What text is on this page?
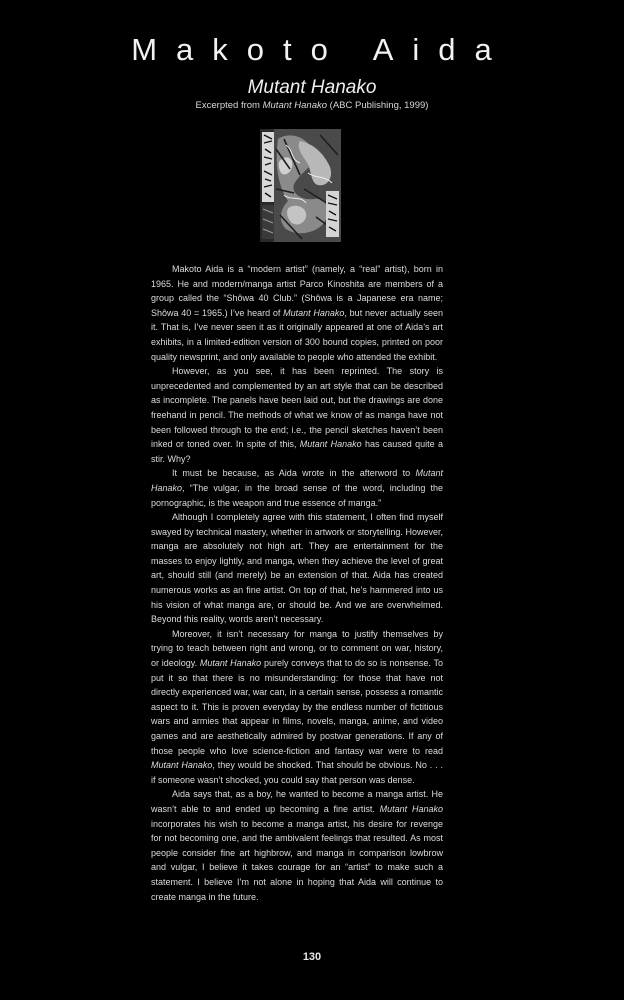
Makoto Aida
Mutant Hanako
Excerpted from Mutant Hanako (ABC Publishing, 1999)

Makoto Aida is a “modern artist” (namely, a “real” artist), born in 1965. He and modern/manga artist Parco Kinoshita are members of a group called the “Shôwa 40 Club.” (Shôwa is a Japanese era name; Shôwa 40 = 1965.) I’ve heard of Mutant Hanako, but never actually seen it. That is, I’ve never seen it as it originally appeared at one of Aida’s art exhibits, in a limited-edition version of 300 bound copies, printed on poor quality newsprint, and only available to people who attended the exhibit.

However, as you see, it has been reprinted. The story is unprecedented and complemented by an art style that can be described as incomplete. The panels have been laid out, but the drawings are done freehand in pencil. The methods of what we know of as manga have not been followed through to the end; i.e., the pencil sketches haven’t been inked or toned over. In spite of this, Mutant Hanako has caused quite a stir. Why?

It must be because, as Aida wrote in the afterword to Mutant Hanako, “The vulgar, in the broad sense of the word, including the pornographic, is the weapon and true essence of manga.”

Although I completely agree with this statement, I often find myself swayed by technical mastery, whether in artwork or storytelling. However, manga are absolutely not high art. They are entertainment for the masses to enjoy lightly, and manga, when they achieve the level of great art, should still (and merely) be an extension of that. Aida has created numerous works as an fine artist. On top of that, he’s hammered into us his vision of what manga are, or should be. And we are overwhelmed. Beyond this reality, words aren’t necessary.

Moreover, it isn’t necessary for manga to justify themselves by trying to teach between right and wrong, or to comment on war, history, or ideology. Mutant Hanako purely conveys that to do so is nonsense. To put it so that there is no misunderstanding: for those that have not directly experienced war, war can, in a certain sense, possess a romantic aspect to it. This is proven everyday by the endless number of fictitious wars and armies that appear in films, novels, manga, anime, and video games and are aesthetically admired by postwar generations. If any of those people who love science-fiction and fantasy war were to read Mutant Hanako, they would be shocked. That should be obvious. No . . . if someone wasn’t shocked, you could say that person was dense.

Aida says that, as a boy, he wanted to become a manga artist. He wasn’t able to and ended up becoming a fine artist. Mutant Hanako incorporates his wish to become a manga artist, his desire for revenge for not becoming one, and the ambivalent feelings that resulted. As most people consider fine art highbrow, and manga in comparison lowbrow and vulgar, I believe it takes courage for an “artist” to make such a statement. I believe I’m not alone in hoping that Aida will continue to create manga in the future.

130
